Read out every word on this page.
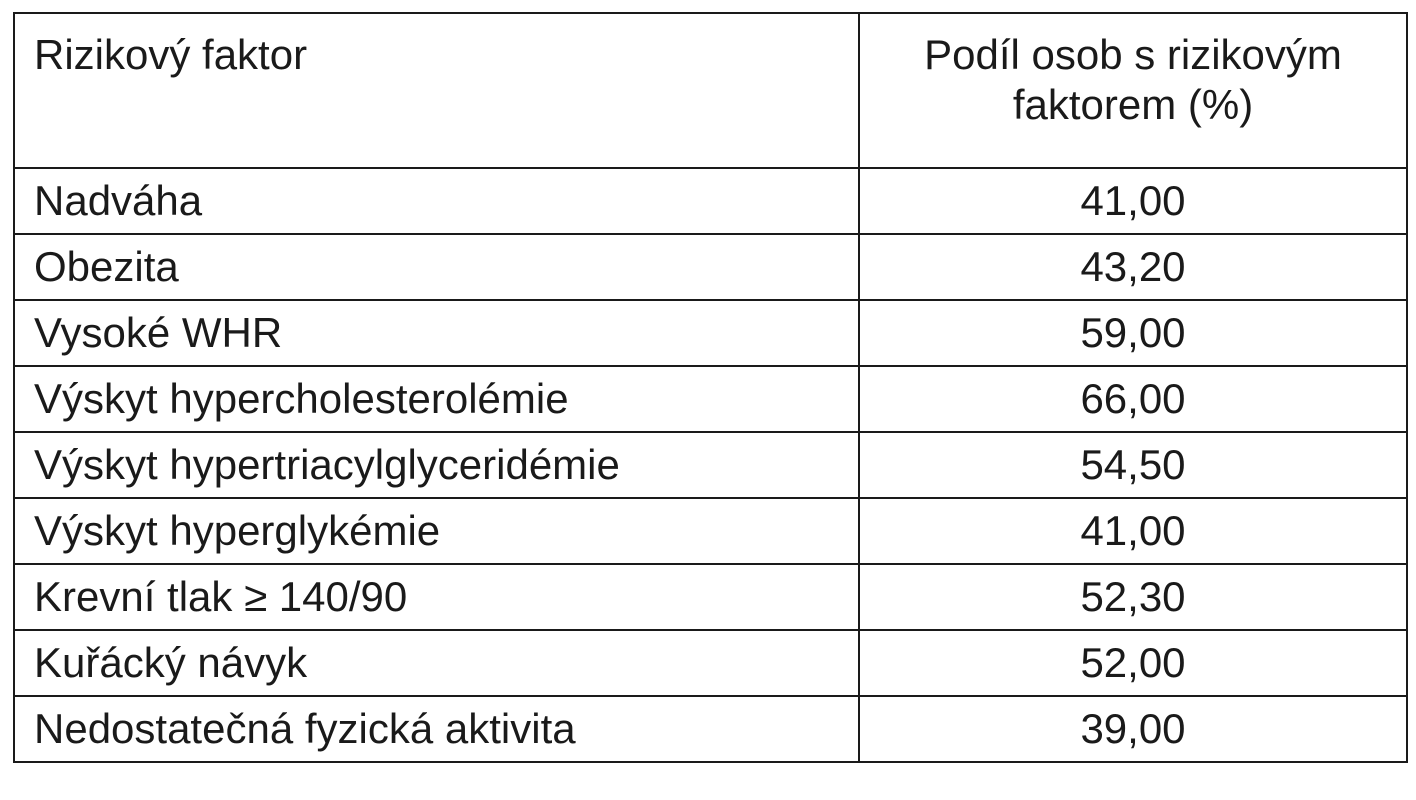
Rizikový faktor	Podíl osob s rizikovým faktorem (%)
Nadváha	41,00
Obezita	43,20
Vysoké WHR	59,00
Výskyt hypercholesterolémie	66,00
Výskyt hypertriacylglyceridémie	54,50
Výskyt hyperglykémie	41,00
Krevní tlak ≥ 140/90	52,30
Kuřácký návyk	52,00
Nedostatečná fyzická aktivita	39,00
